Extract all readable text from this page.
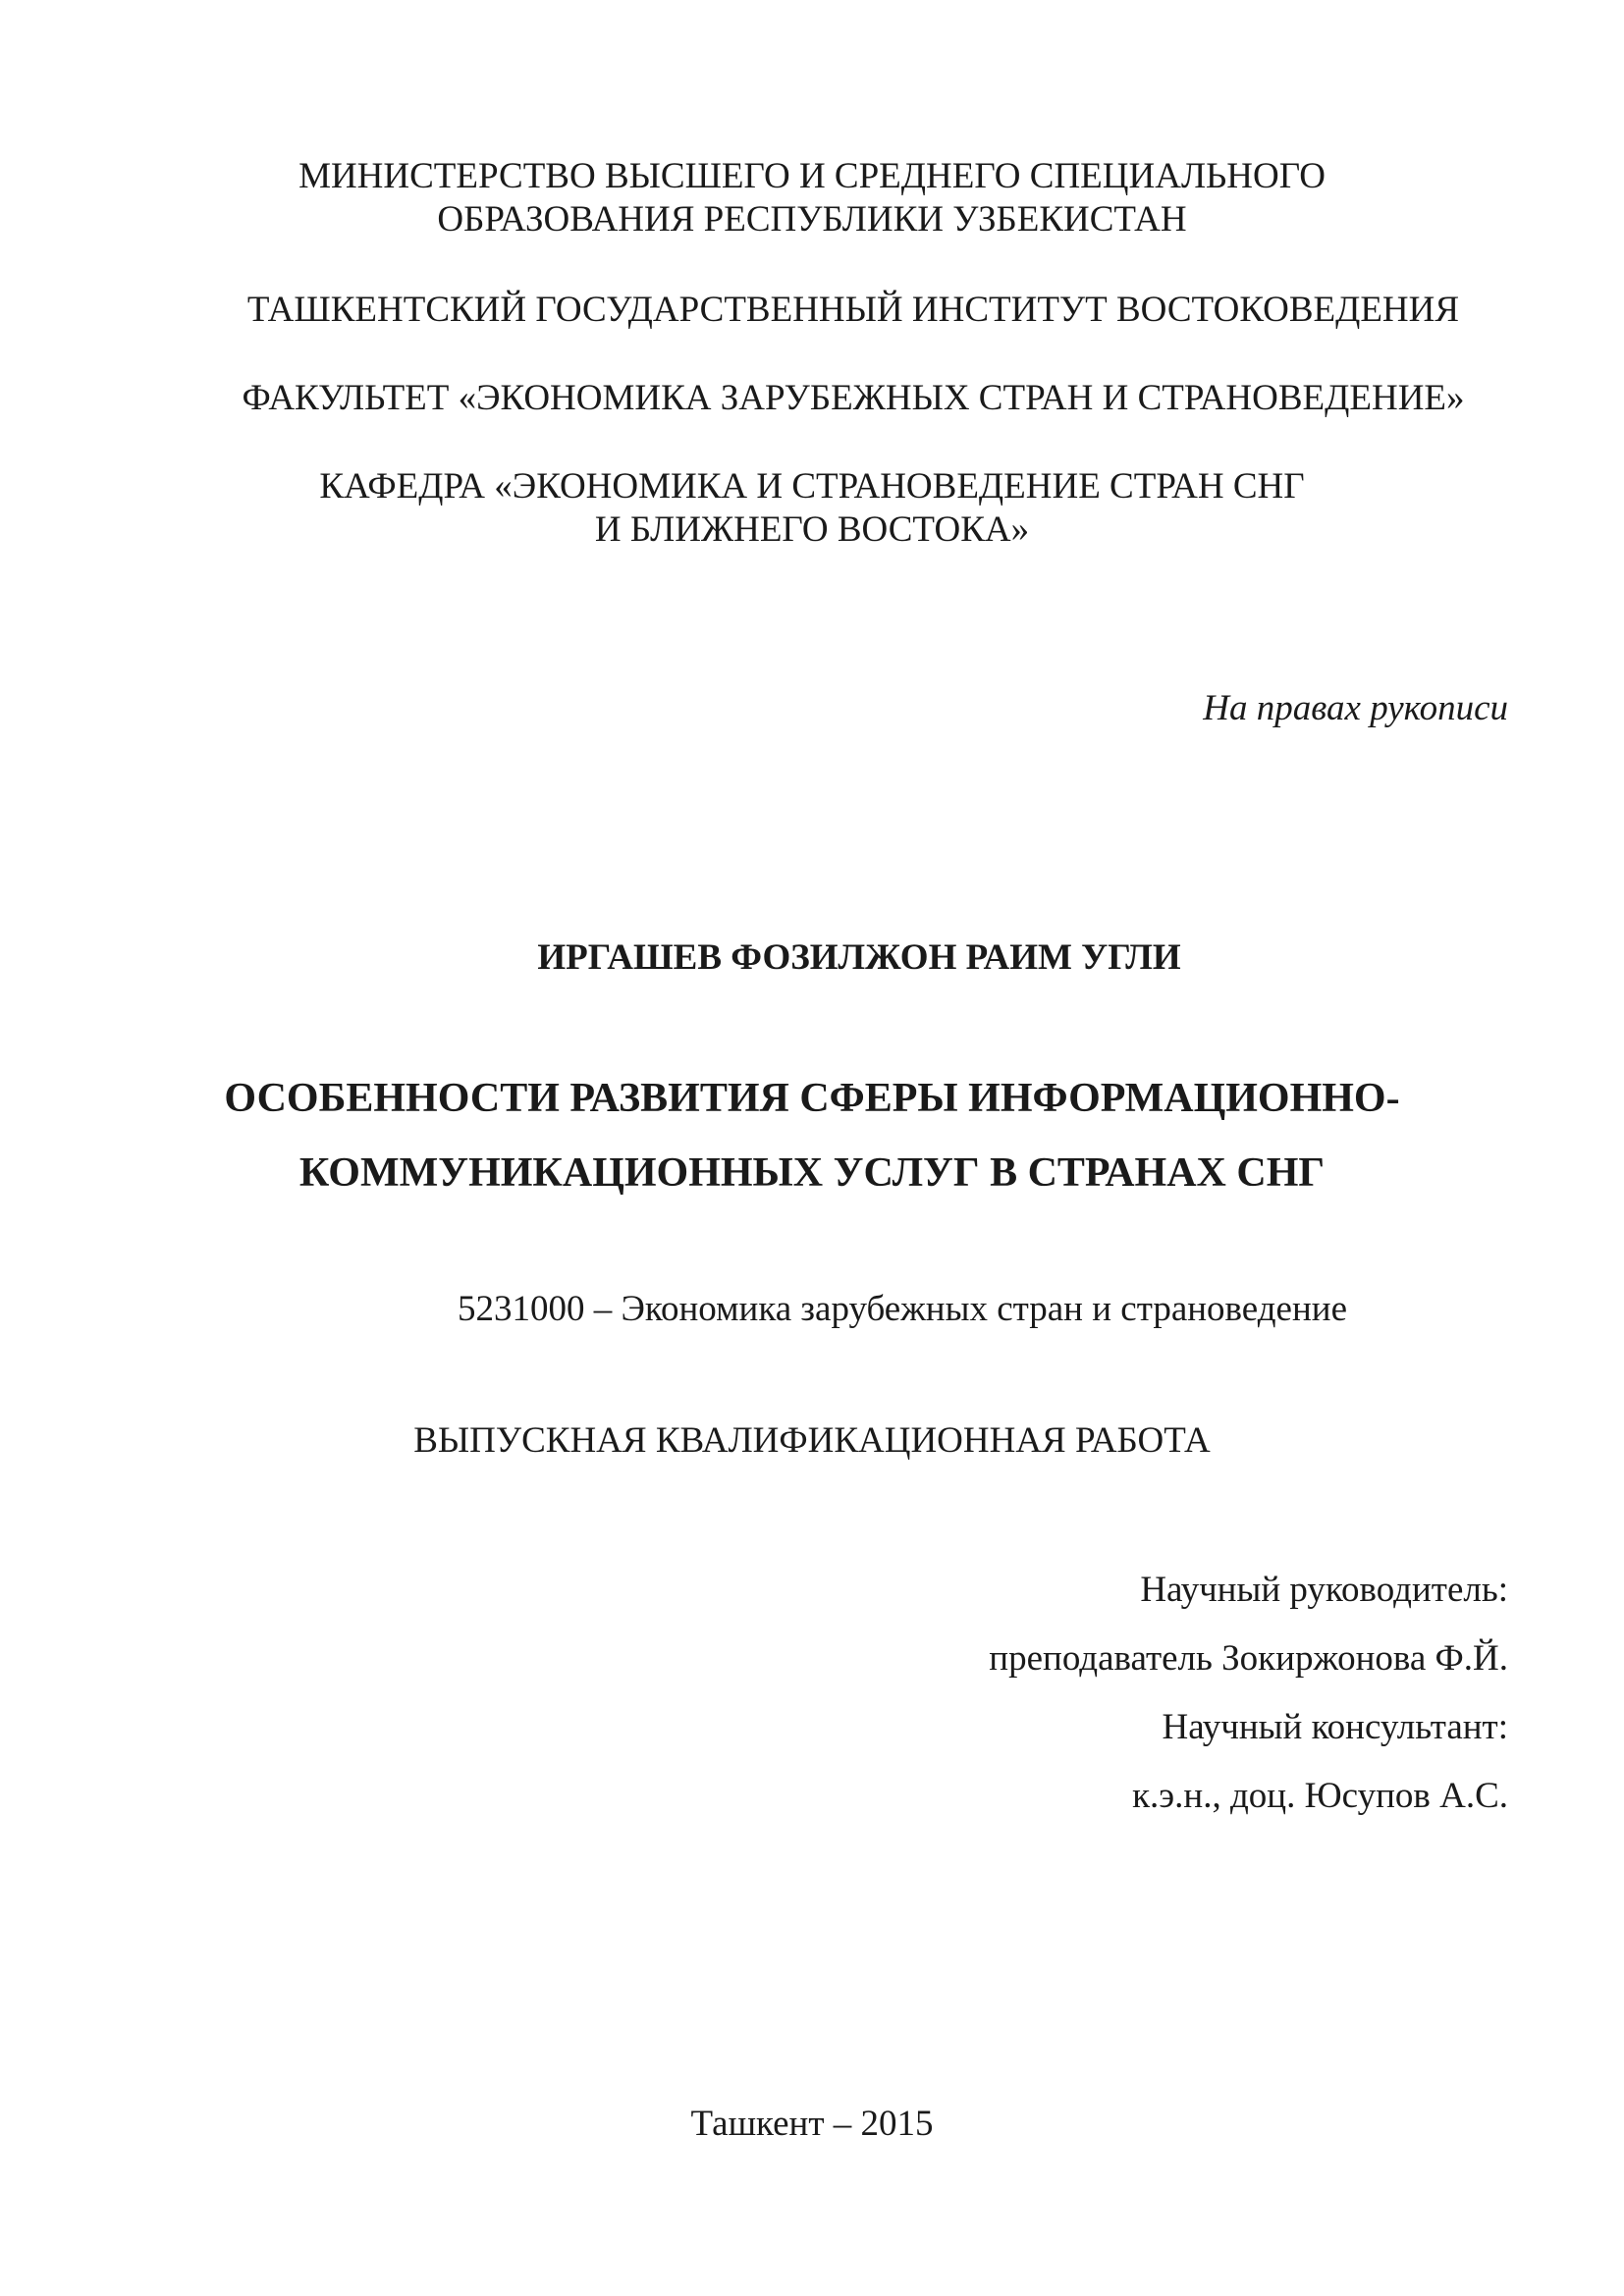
МИНИСТЕРСТВО ВЫСШЕГО И СРЕДНЕГО СПЕЦИАЛЬНОГО
ОБРАЗОВАНИЯ РЕСПУБЛИКИ УЗБЕКИСТАН
ТАШКЕНТСКИЙ ГОСУДАРСТВЕННЫЙ ИНСТИТУТ ВОСТОКОВЕДЕНИЯ
ФАКУЛЬТЕТ «ЭКОНОМИКА ЗАРУБЕЖНЫХ СТРАН И СТРАНОВЕДЕНИЕ»
КАФЕДРА «ЭКОНОМИКА И СТРАНОВЕДЕНИЕ СТРАН СНГ
И БЛИЖНЕГО ВОСТОКА»
На правах рукописи
ИРГАШЕВ ФОЗИЛЖОН РАИМ УГЛИ
ОСОБЕННОСТИ РАЗВИТИЯ СФЕРЫ ИНФОРМАЦИОННО-
КОММУНИКАЦИОННЫХ УСЛУГ В СТРАНАХ СНГ
5231000 – Экономика зарубежных стран и страноведение
ВЫПУСКНАЯ КВАЛИФИКАЦИОННАЯ РАБОТА
Научный руководитель:
преподаватель Зокиржонова Ф.Й.
Научный консультант:
к.э.н., доц. Юсупов А.С.
Ташкент – 2015
